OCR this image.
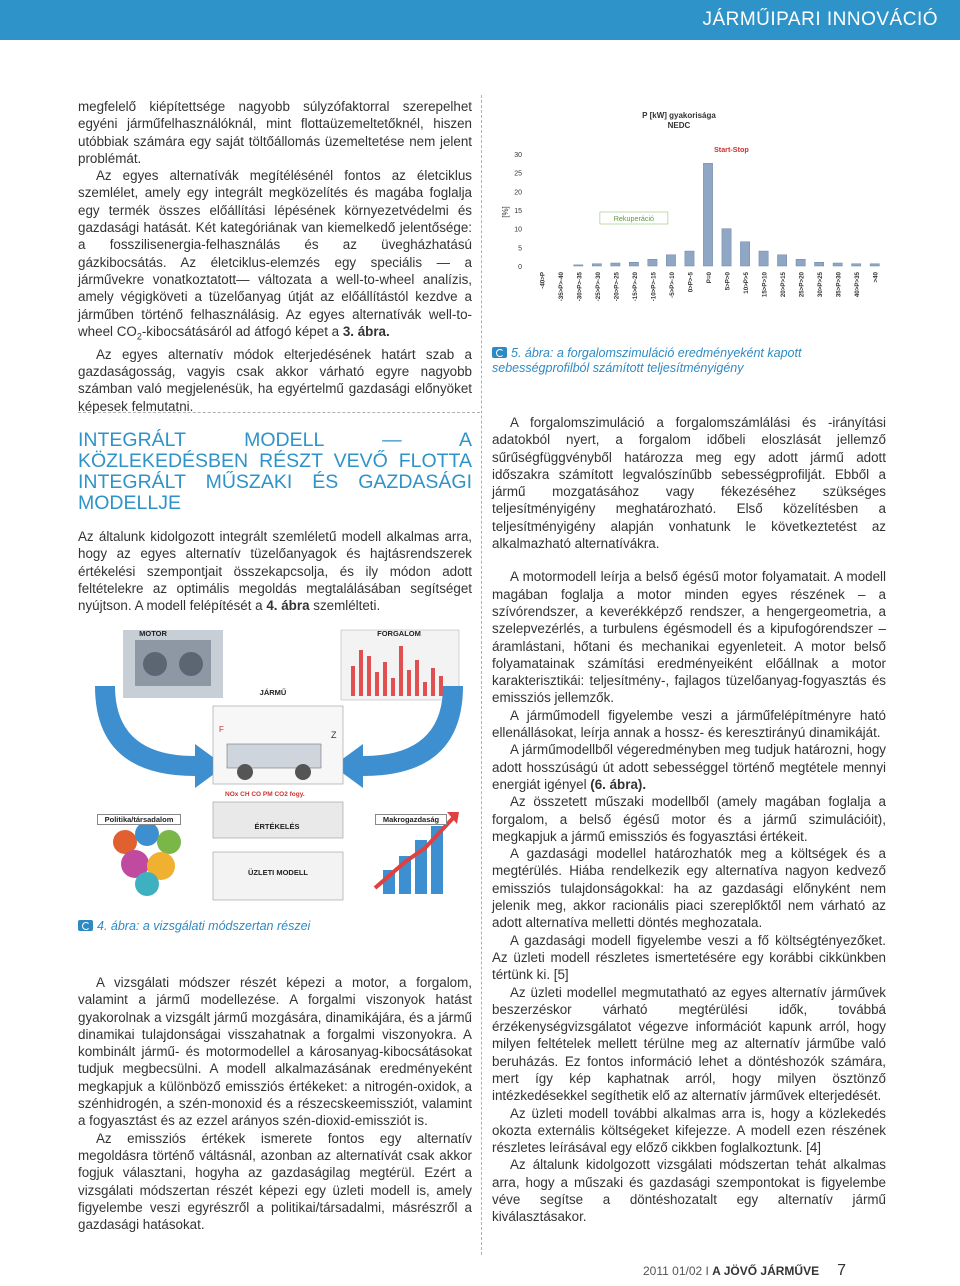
JÁRMŰIPARI INNOVÁCIÓ

megfelelő kiépítettsége nagyobb súlyzófaktorral szerepelhet egyéni járműfelhasználóknál, mint flottaüzemeltetőknél, hiszen utóbbiak számára egy saját töltőállomás üzemeltetése nem jelent problémát.

Az egyes alternatívák megítélésénél fontos az életciklus szemlélet, amely egy integrált megközelítés és magába foglalja egy termék összes előállítási lépésének környezetvédelmi és gazdasági hatását. Két kategóriának van kiemelkedő jelentősége: a fosszilisenergia-felhasználás és az üvegházhatású gázkibocsátás. Az életciklus-elemzés egy speciális — a járművekre vonatkoztatott— változata a well-to-wheel analízis, amely végigköveti a tüzelőanyag útját az előállítástól kezdve a járműben történő felhasználásig. Az egyes alternatívák well-to-wheel $CO_2$-kibocsátásáról ad átfogó képet a 3. ábra.

Az egyes alternatív módok elterjedésének határt szab a gazdaságosság, vagyis csak akkor várható egyre nagyobb számban való megjelenésük, ha egyértelmű gazdasági előnyöket képesek felmutatni.

INTEGRÁLT MODELL — A KÖZLEKEDÉSBEN RÉSZT VEVŐ FLOTTA INTEGRÁLT MŰSZAKI ÉS GAZDASÁGI MODELLJE

Az általunk kidolgozott integrált szemléletű modell alkalmas arra, hogy az egyes alternatív tüzelőanyagok és hajtásrendszerek értékelési szempontjait összekapcsolja, és ily módon adott feltételekre az optimális megoldás megtalálásában segítséget nyújtson. A modell felépítését a 4. ábra szemlélteti.

F
Z
NOx CH CO PM CO2 fogy.
MOTOR	FORGALOM
JÁRMŰ
Politika/társadalom	Makrogazdaság
ÉRTÉKELÉS
ÜZLETI MODELL
4. ábra: a vizsgálati módszertan részei

A vizsgálati módszer részét képezi a motor, a forgalom, valamint a jármű modellezése. A forgalmi viszonyok hatást gyakorolnak a vizsgált jármű mozgására, dinamikájára, és a jármű dinamikai tulajdonságai visszahatnak a forgalmi viszonyokra. A kombinált jármű- és motormodellel a károsanyag-kibocsátásokat tudjuk megbecsülni. A modell alkalmazásának eredményeként megkapjuk a különböző emissziós értékeket: a nitrogén-oxidok, a szénhidrogén, a szén-monoxid és a részecskeemissziót, valamint a fogyasztást és az ezzel arányos szén-dioxid-emissziót is.

Az emissziós értékek ismerete fontos egy alternatív megoldásra történő váltásnál, azonban az alternatívát csak akkor fogjuk választani, hogyha az gazdaságilag megtérül. Ezért a vizsgálati módszertan részét képezi egy üzleti modell is, amely figyelembe veszi egyrészről a politikai/társadalmi, másrészről a gazdasági hatásokat.

P [kW] gyakorisága
NEDC
[%]
0
5
10
15
20
25
30
-40>P -35>P>-40 -30>P>-35 -25>P>-30 -20>P>-25 -15>P>-20 -10>P>-15 -5>P>-10 0>P>-5 P=0 5>P>0 10>P>5 15>P>10 20>P>15 25>P>20 30>P>25 35>P>30 40>P>35 >40
Rekuperáció
Start-Stop
5. ábra: a forgalomszimuláció eredményeként kapott sebességprofilból számított teljesítményigény

A forgalomszimuláció a forgalomszámlálási és -irányítási adatokból nyert, a forgalom időbeli eloszlását jellemző sűrűségfüggvényből határozza meg egy adott jármű adott időszakra számított legvalószínűbb sebességprofilját. Ebből a jármű mozgatásához vagy fékezéséhez szükséges teljesítményigény meghatározható. Első közelítésben a teljesítményigény alapján vonhatunk le következtetést az alkalmazható alternatívákra.

A motormodell leírja a belső égésű motor folyamatait. A modell magában foglalja a motor minden egyes részének – a szívórendszer, a keverékképző rendszer, a hengergeometria, a szelepvezérlés, a turbulens égésmodell és a kipufogórendszer – áramlástani, hőtani és mechanikai egyenleteit. A motor belső folyamatainak számítási eredményeiként előállnak a motor karakterisztikái: teljesítmény-, fajlagos tüzelőanyag-fogyasztás és emissziós jellemzők.

A járműmodell figyelembe veszi a járműfelépítményre ható ellenállásokat, leírja annak a hossz- és keresztirányú dinamikáját.

A járműmodellből végeredményben meg tudjuk határozni, hogy adott hosszúságú út adott sebességgel történő megtétele mennyi energiát igényel (6. ábra).

Az összetett műszaki modellből (amely magában foglalja a forgalom, a belső égésű motor és a jármű szimulációit), megkapjuk a jármű emissziós és fogyasztási értékeit.

A gazdasági modellel határozhatók meg a költségek és a megtérülés. Hiába rendelkezik egy alternatíva nagyon kedvező emissziós tulajdonságokkal: ha az gazdasági előnyként nem jelenik meg, akkor racionális piaci szereplőktől nem várható az adott alternatíva melletti döntés meghozatala.

A gazdasági modell figyelembe veszi a fő költségtényezőket. Az üzleti modell részletes ismertetésére egy korábbi cikkünkben tértünk ki. [5]

Az üzleti modellel megmutatható az egyes alternatív járművek beszerzéskor várható megtérülési idők, továbbá érzékenységvizsgálatot végezve információt kapunk arról, hogy milyen feltételek mellett térülne meg az alternatív járműbe való beruházás. Ez fontos információ lehet a döntéshozók számára, mert így kép kaphatnak arról, hogy milyen ösztönző intézkedésekkel segíthetik elő az alternatív járművek elterjedését.

Az üzleti modell további alkalmas arra is, hogy a közlekedés okozta externális költségeket kifejezze. A modell ezen részének részletes leírásával egy előző cikkben foglalkoztunk. [4]

Az általunk kidolgozott vizsgálati módszertan tehát alkalmas arra, hogy a műszaki és gazdasági szempontokat is figyelembe véve segítse a döntéshozatalt egy alternatív jármű kiválasztásakor.

2011 01/02 I A JÖVŐ JÁRMŰVE 7
